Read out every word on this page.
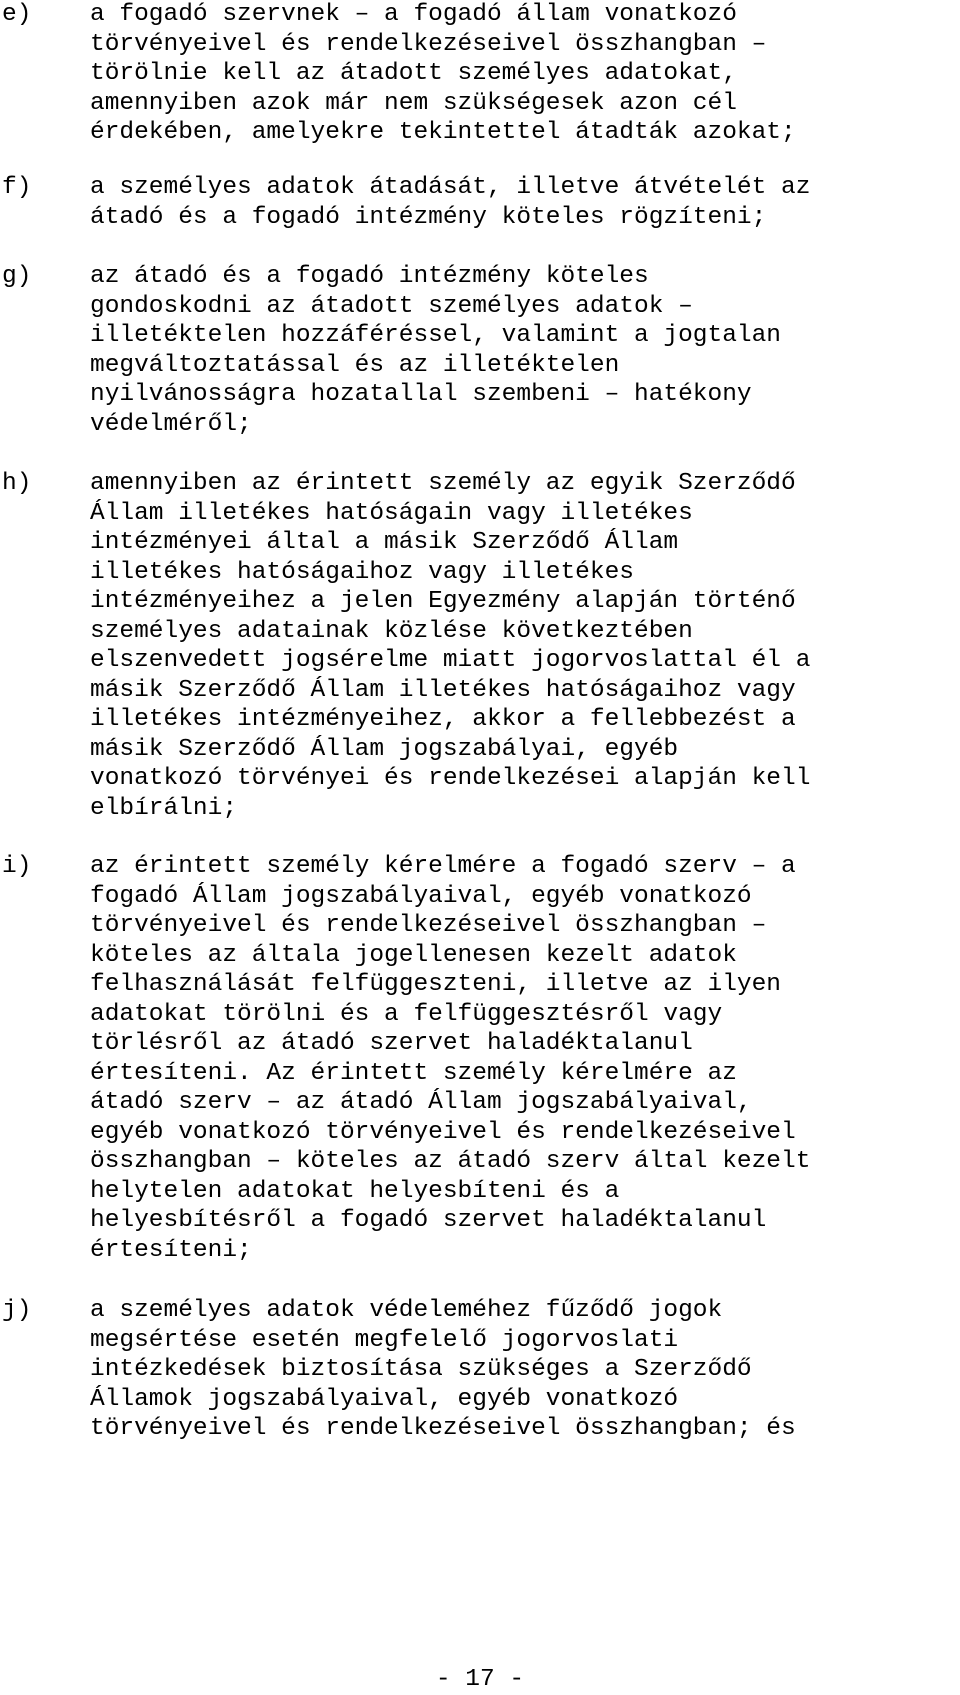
e) a fogadó szervnek – a fogadó állam vonatkozó
törvényeivel és rendelkezéseivel összhangban –
törölnie kell az átadott személyes adatokat,
amennyiben azok már nem szükségesek azon cél
érdekében, amelyekre tekintettel átadták azokat;
f) a személyes adatok átadását, illetve átvételét az
átadó és a fogadó intézmény köteles rögzíteni;
g) az átadó és a fogadó intézmény köteles
gondoskodni az átadott személyes adatok –
illetéktelen hozzáféréssel, valamint a jogtalan
megváltoztatással és az illetéktelen
nyilvánosságra hozatallal szembeni – hatékony
védelméről;
h) amennyiben az érintett személy az egyik Szerződő
Állam illetékes hatóságain vagy illetékes
intézményei által a másik Szerződő Állam
illetékes hatóságaihoz vagy illetékes
intézményeihez a jelen Egyezmény alapján történő
személyes adatainak közlése következtében
elszenvedett jogsérelme miatt jogorvoslattal él a
másik Szerződő Állam illetékes hatóságaihoz vagy
illetékes intézményeihez, akkor a fellebbezést a
másik Szerződő Állam jogszabályai, egyéb
vonatkozó törvényei és rendelkezései alapján kell
elbírálni;
i) az érintett személy kérelmére a fogadó szerv – a
fogadó Állam jogszabályaival, egyéb vonatkozó
törvényeivel és rendelkezéseivel összhangban –
köteles az általa jogellenesen kezelt adatok
felhasználását felfüggeszteni, illetve az ilyen
adatokat törölni és a felfüggesztésről vagy
törlésről az átadó szervet haladéktalanul
értesíteni. Az érintett személy kérelmére az
átadó szerv – az átadó Állam jogszabályaival,
egyéb vonatkozó törvényeivel és rendelkezéseivel
összhangban – köteles az átadó szerv által kezelt
helytelen adatokat helyesbíteni és a
helyesbítésről a fogadó szervet haladéktalanul
értesíteni;
j) a személyes adatok védeleméhez fűződő jogok
megsértése esetén megfelelő jogorvoslati
intézkedések biztosítása szükséges a Szerződő
Államok jogszabályaival, egyéb vonatkozó
törvényeivel és rendelkezéseivel összhangban; és
- 17 -
